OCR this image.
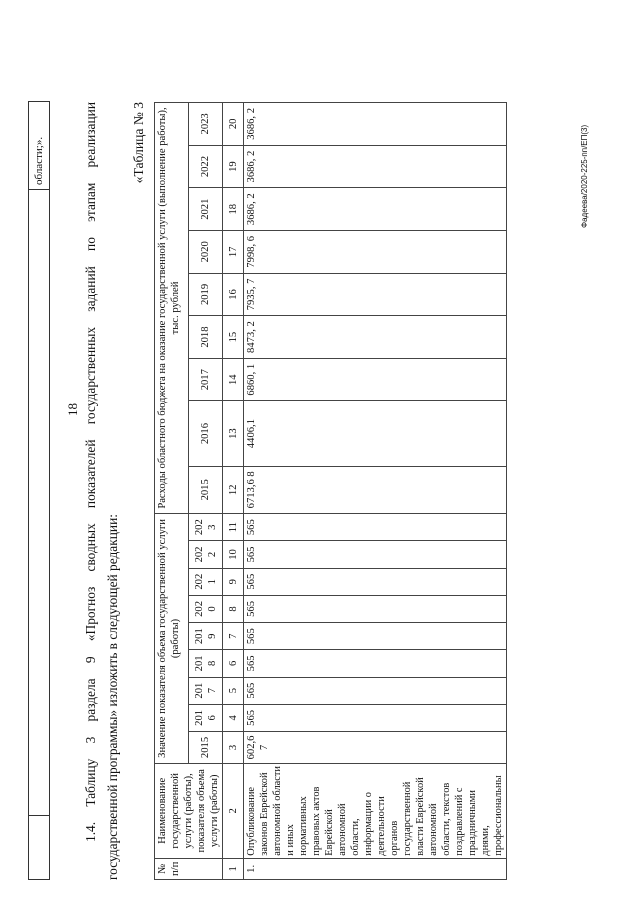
		области;».
18 1.4. Таблицу 3 раздела 9 «Прогноз сводных показателей государственных заданий по этапам реализации государственной программы» изложить в следующей редакции:
«Таблица № 3
№ п/п	Наименование государственной услуги (работы), показателя объема услуги (работы)	Значение показателя объема государственной услуги (работы)									Расходы областного бюджета на оказание государственной услуги (выполнение работы), тыс. рублей								
		2015	201 6	201 7	201 8	201 9	202 0	202 1	202 2	202 3	2015	2016	2017	2018	2019	2020	2021	2022	2023
1	2	3	4	5	6	7	8	9	10	11	12	13	14	15	16	17	18	19	20
1.	Опубликование законов Еврейской автономной области и иных нормативных правовых актов Еврейской автономной области, информации о деятельности органов государственной власти Еврейской автономной области, текстов поздравлений с праздничными днями, профессиональны	602,6 7	565	565	565	565	565	565	565	565	6713,6 8	4406,1	6860, 1	8473, 2	7935, 7	7998, 6	3686, 2	3686, 2	3686, 2
Фадеева/2020-225-пп/ЕП(3)
